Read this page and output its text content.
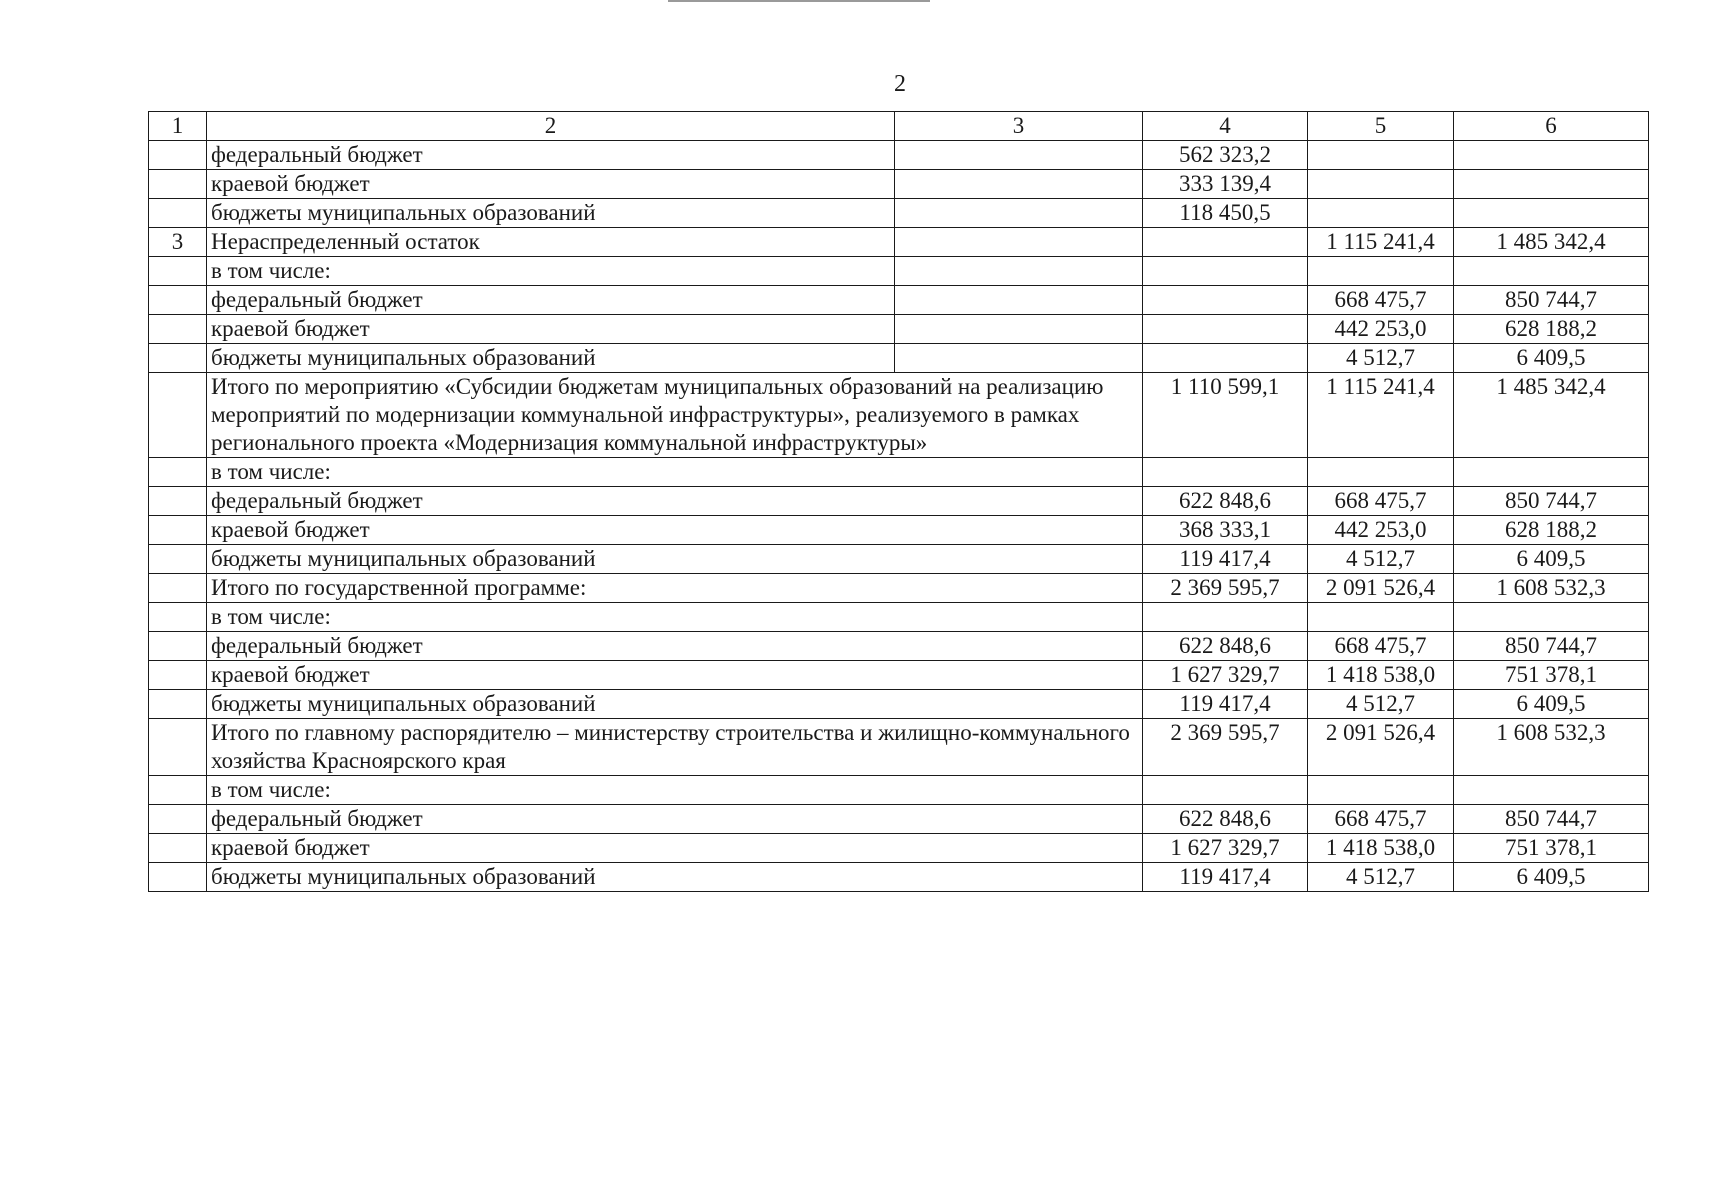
2
1	2	3	4	5	6
	федеральный бюджет		562 323,2		
	краевой бюджет		333 139,4		
	бюджеты муниципальных образований		118 450,5		
3	Нераспределенный остаток			1 115 241,4	1 485 342,4
	в том числе:				
	федеральный бюджет			668 475,7	850 744,7
	краевой бюджет			442 253,0	628 188,2
	бюджеты муниципальных образований			4 512,7	6 409,5
	Итого по мероприятию «Субсидии бюджетам муниципальных образований на реализацию мероприятий по модернизации коммунальной инфраструктуры», реализуемого в рамках регионального проекта «Модернизация коммунальной инфраструктуры»		1 110 599,1	1 115 241,4	1 485 342,4
	в том числе:				
	федеральный бюджет		622 848,6	668 475,7	850 744,7
	краевой бюджет		368 333,1	442 253,0	628 188,2
	бюджеты муниципальных образований		119 417,4	4 512,7	6 409,5
	Итого по государственной программе:		2 369 595,7	2 091 526,4	1 608 532,3
	в том числе:				
	федеральный бюджет		622 848,6	668 475,7	850 744,7
	краевой бюджет		1 627 329,7	1 418 538,0	751 378,1
	бюджеты муниципальных образований		119 417,4	4 512,7	6 409,5
	Итого по главному распорядителю – министерству строительства и жилищно-коммунального хозяйства Красноярского края		2 369 595,7	2 091 526,4	1 608 532,3
	в том числе:				
	федеральный бюджет		622 848,6	668 475,7	850 744,7
	краевой бюджет		1 627 329,7	1 418 538,0	751 378,1
	бюджеты муниципальных образований		119 417,4	4 512,7	6 409,5
